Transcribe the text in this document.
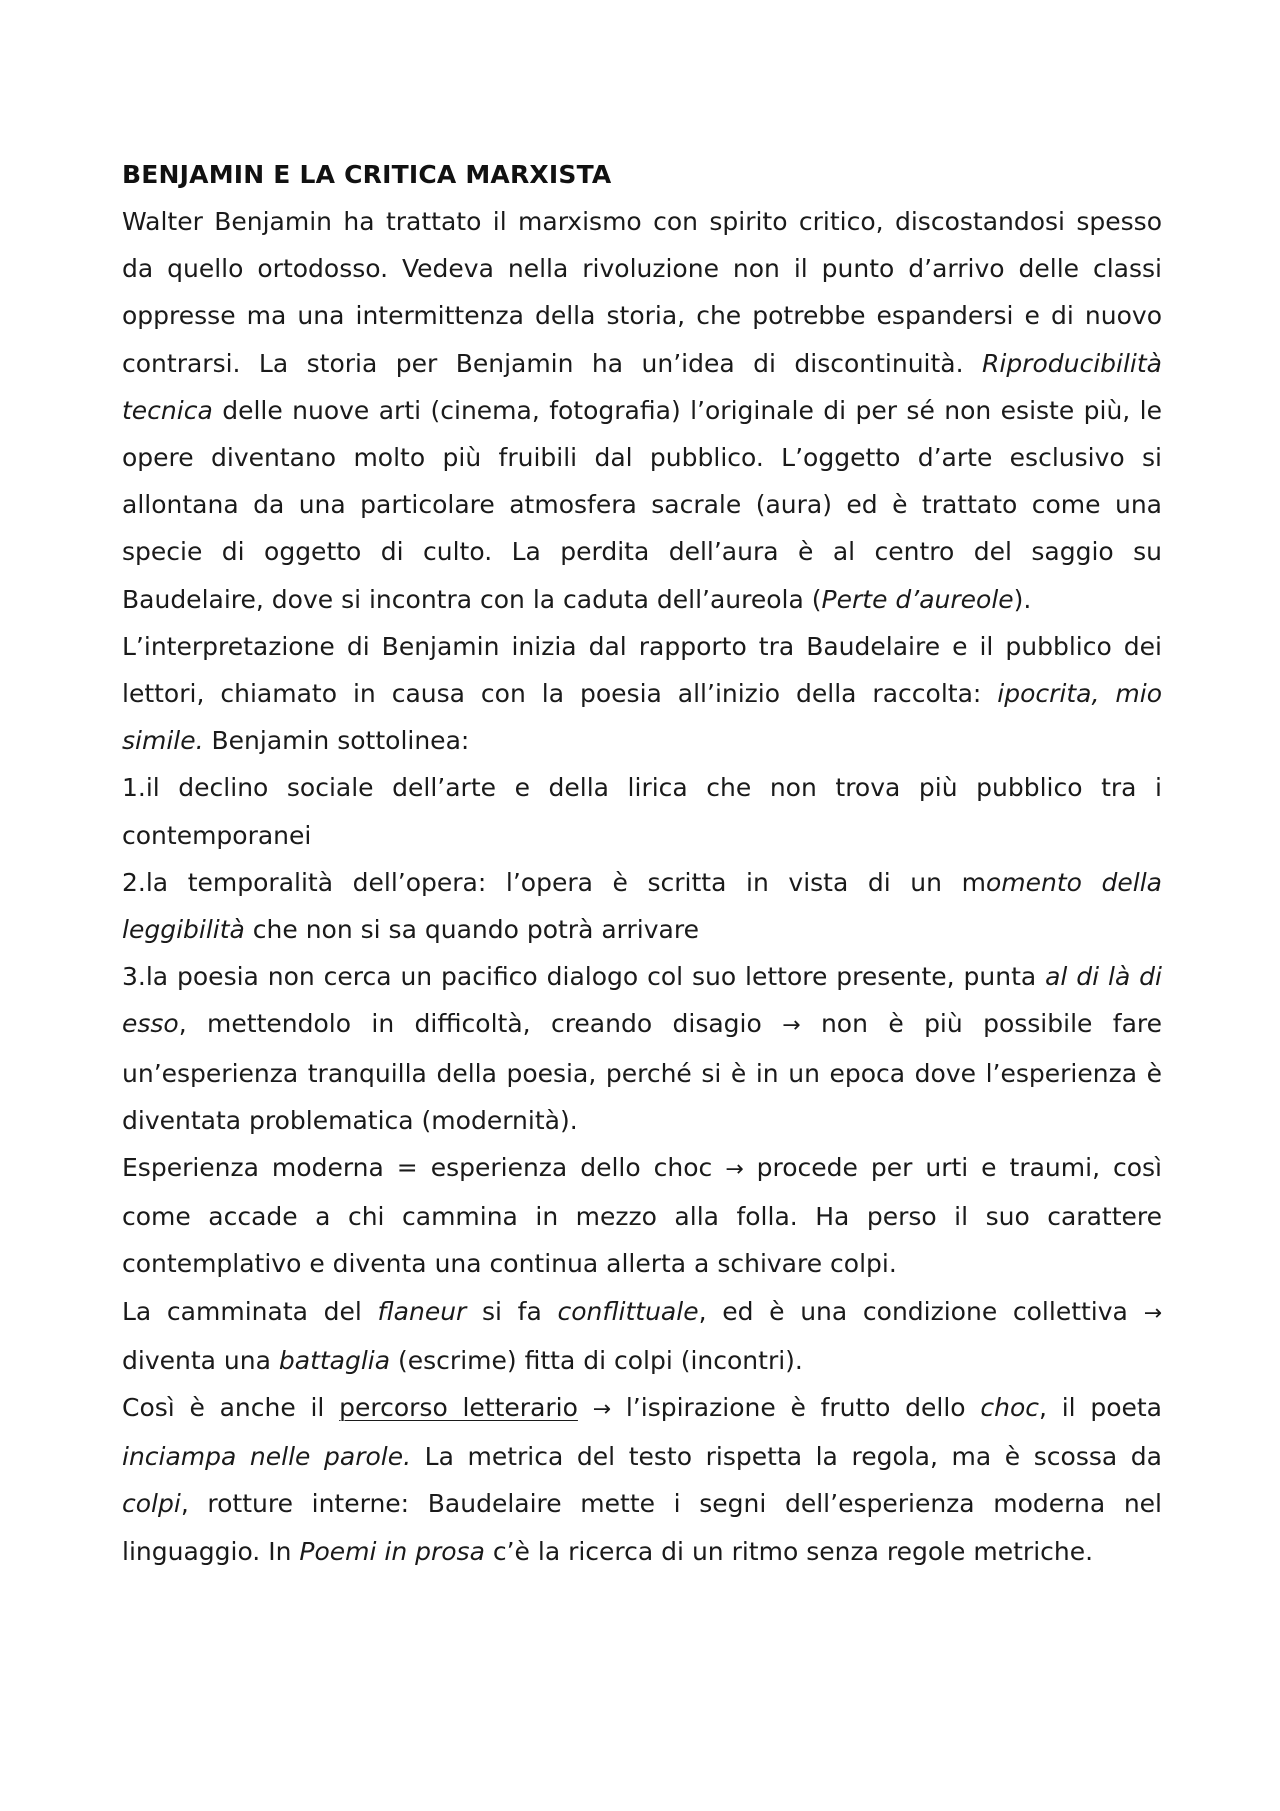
BENJAMIN E LA CRITICA MARXISTA

Walter Benjamin ha trattato il marxismo con spirito critico, discostandosi spesso da quello ortodosso. Vedeva nella rivoluzione non il punto d’arrivo delle classi oppresse ma una intermittenza della storia, che potrebbe espandersi e di nuovo contrarsi. La storia per Benjamin ha un’idea di discontinuità. Riproducibilità tecnica delle nuove arti (cinema, fotografia) l’originale di per sé non esiste più, le opere diventano molto più fruibili dal pubblico. L’oggetto d’arte esclusivo si allontana da una particolare atmosfera sacrale (aura) ed è trattato come una specie di oggetto di culto. La perdita dell’aura è al centro del saggio su Baudelaire, dove si incontra con la caduta dell’aureola (Perte d’aureole).

L’interpretazione di Benjamin inizia dal rapporto tra Baudelaire e il pubblico dei lettori, chiamato in causa con la poesia all’inizio della raccolta: ipocrita, mio simile. Benjamin sottolinea:

1.il declino sociale dell’arte e della lirica che non trova più pubblico tra i contemporanei

2.la temporalità dell’opera: l’opera è scritta in vista di un momento della leggibilità che non si sa quando potrà arrivare

3.la poesia non cerca un pacifico dialogo col suo lettore presente, punta al di là di esso, mettendolo in difficoltà, creando disagio → non è più possibile fare un’esperienza tranquilla della poesia, perché si è in un epoca dove l’esperienza è diventata problematica (modernità).

Esperienza moderna = esperienza dello choc → procede per urti e traumi, così come accade a chi cammina in mezzo alla folla. Ha perso il suo carattere contemplativo e diventa una continua allerta a schivare colpi.

La camminata del flaneur si fa conflittuale, ed è una condizione collettiva → diventa una battaglia (escrime) fitta di colpi (incontri).

Così è anche il percorso letterario → l’ispirazione è frutto dello choc, il poeta inciampa nelle parole. La metrica del testo rispetta la regola, ma è scossa da colpi, rotture interne: Baudelaire mette i segni dell’esperienza moderna nel linguaggio. In Poemi in prosa c’è la ricerca di un ritmo senza regole metriche.
